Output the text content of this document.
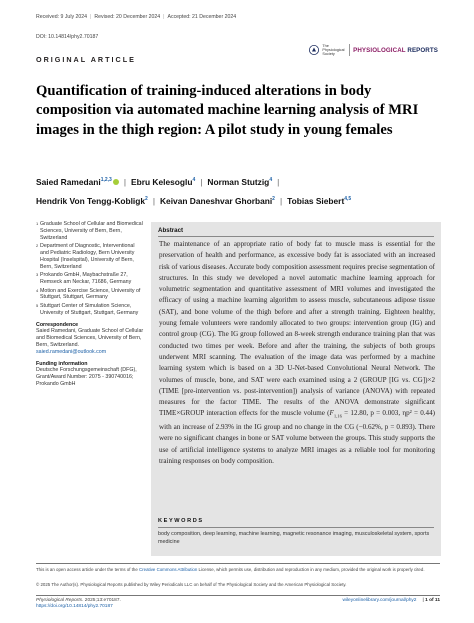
Received: 9 July 2024 | Revised: 20 December 2024 | Accepted: 21 December 2024
DOI: 10.14814/phy2.70187
The
Physiological
Society
PHYSIOLOGICAL REPORTS
ORIGINAL ARTICLE
Quantification of training-induced alterations in body composition via automated machine learning analysis of MRI images in the thigh region: A pilot study in young females
Saied Ramedani$^{1,2,3}$ | Ebru Kelesoglu$^4$ | Norman Stutzig$^4$ |
Hendrik Von Tengg-Kobligk$^2$ | Keivan Daneshvar Ghorbani$^2$ | Tobias Siebert$^{4,5}$
1 Graduate School of Cellular and Biomedical Sciences, University of Bern, Bern, Switzerland
2 Department of Diagnostic, Interventional and Pediatric Radiology, Bern University Hospital (Inselspital), University of Bern, Bern, Switzerland
3 Prokando GmbH, Maybachstraße 27, Remseck am Neckar, 71686, Germany
4 Motion and Exercise Science, University of Stuttgart, Stuttgart, Germany
5 Stuttgart Center of Simulation Science, University of Stuttgart, Stuttgart, Germany
Correspondence
Saied Ramedani, Graduate School of Cellular and Biomedical Sciences, University of Bern, Bern, Switzerland.
saied.ramedani@outlook.com
Funding information
Deutsche Forschungsgemeinschaft (DFG), Grant/Award Number: 2075 - 390740016; Prokando GmbH
Abstract
The maintenance of an appropriate ratio of body fat to muscle mass is essential for the preservation of health and performance, as excessive body fat is associated with an increased risk of various diseases. Accurate body composition assessment requires precise segmentation of structures. In this study we developed a novel automatic machine learning approach for volumetric segmentation and quantitative assessment of MRI volumes and investigated the efficacy of using a machine learning algorithm to assess muscle, subcutaneous adipose tissue (SAT), and bone volume of the thigh before and after a strength training. Eighteen healthy, young female volunteers were randomly allocated to two groups: intervention group (IG) and control group (CG). The IG group followed an 8-week strength endurance training plan that was conducted two times per week. Before and after the training, the subjects of both groups underwent MRI scanning. The evaluation of the image data was performed by a machine learning system which is based on a 3D U-Net-based Convolutional Neural Network. The volumes of muscle, bone, and SAT were each examined using a 2 (GROUP [IG vs. CG])×2 (TIME [pre-intervention vs. post-intervention]) analysis of variance (ANOVA) with repeated measures for the factor TIME. The results of the ANOVA demonstrate significant TIME×GROUP interaction effects for the muscle volume ($F_{1,16} = 12.80$, p = 0.003, ηp² = 0.44) with an increase of 2.93% in the IG group and no change in the CG (−0.62%, p = 0.893). There were no significant changes in bone or SAT volume between the groups. This study supports the use of artificial intelligence systems to analyze MRI images as a reliable tool for monitoring training responses on body composition.
KEYWORDS
body composition, deep learning, machine learning, magnetic resonance imaging, musculoskeletal system, sports medicine
This is an open access article under the terms of the Creative Commons Attribution License, which permits use, distribution and reproduction in any medium, provided the original work is properly cited.
© 2025 The Author(s). Physiological Reports published by Wiley Periodicals LLC on behalf of The Physiological Society and the American Physiological Society.
Physiological Reports. 2025;13:e70187.
https://doi.org/10.14814/phy2.70187
wileyonlinelibrary.com/journal/phy2 | 1 of 11
